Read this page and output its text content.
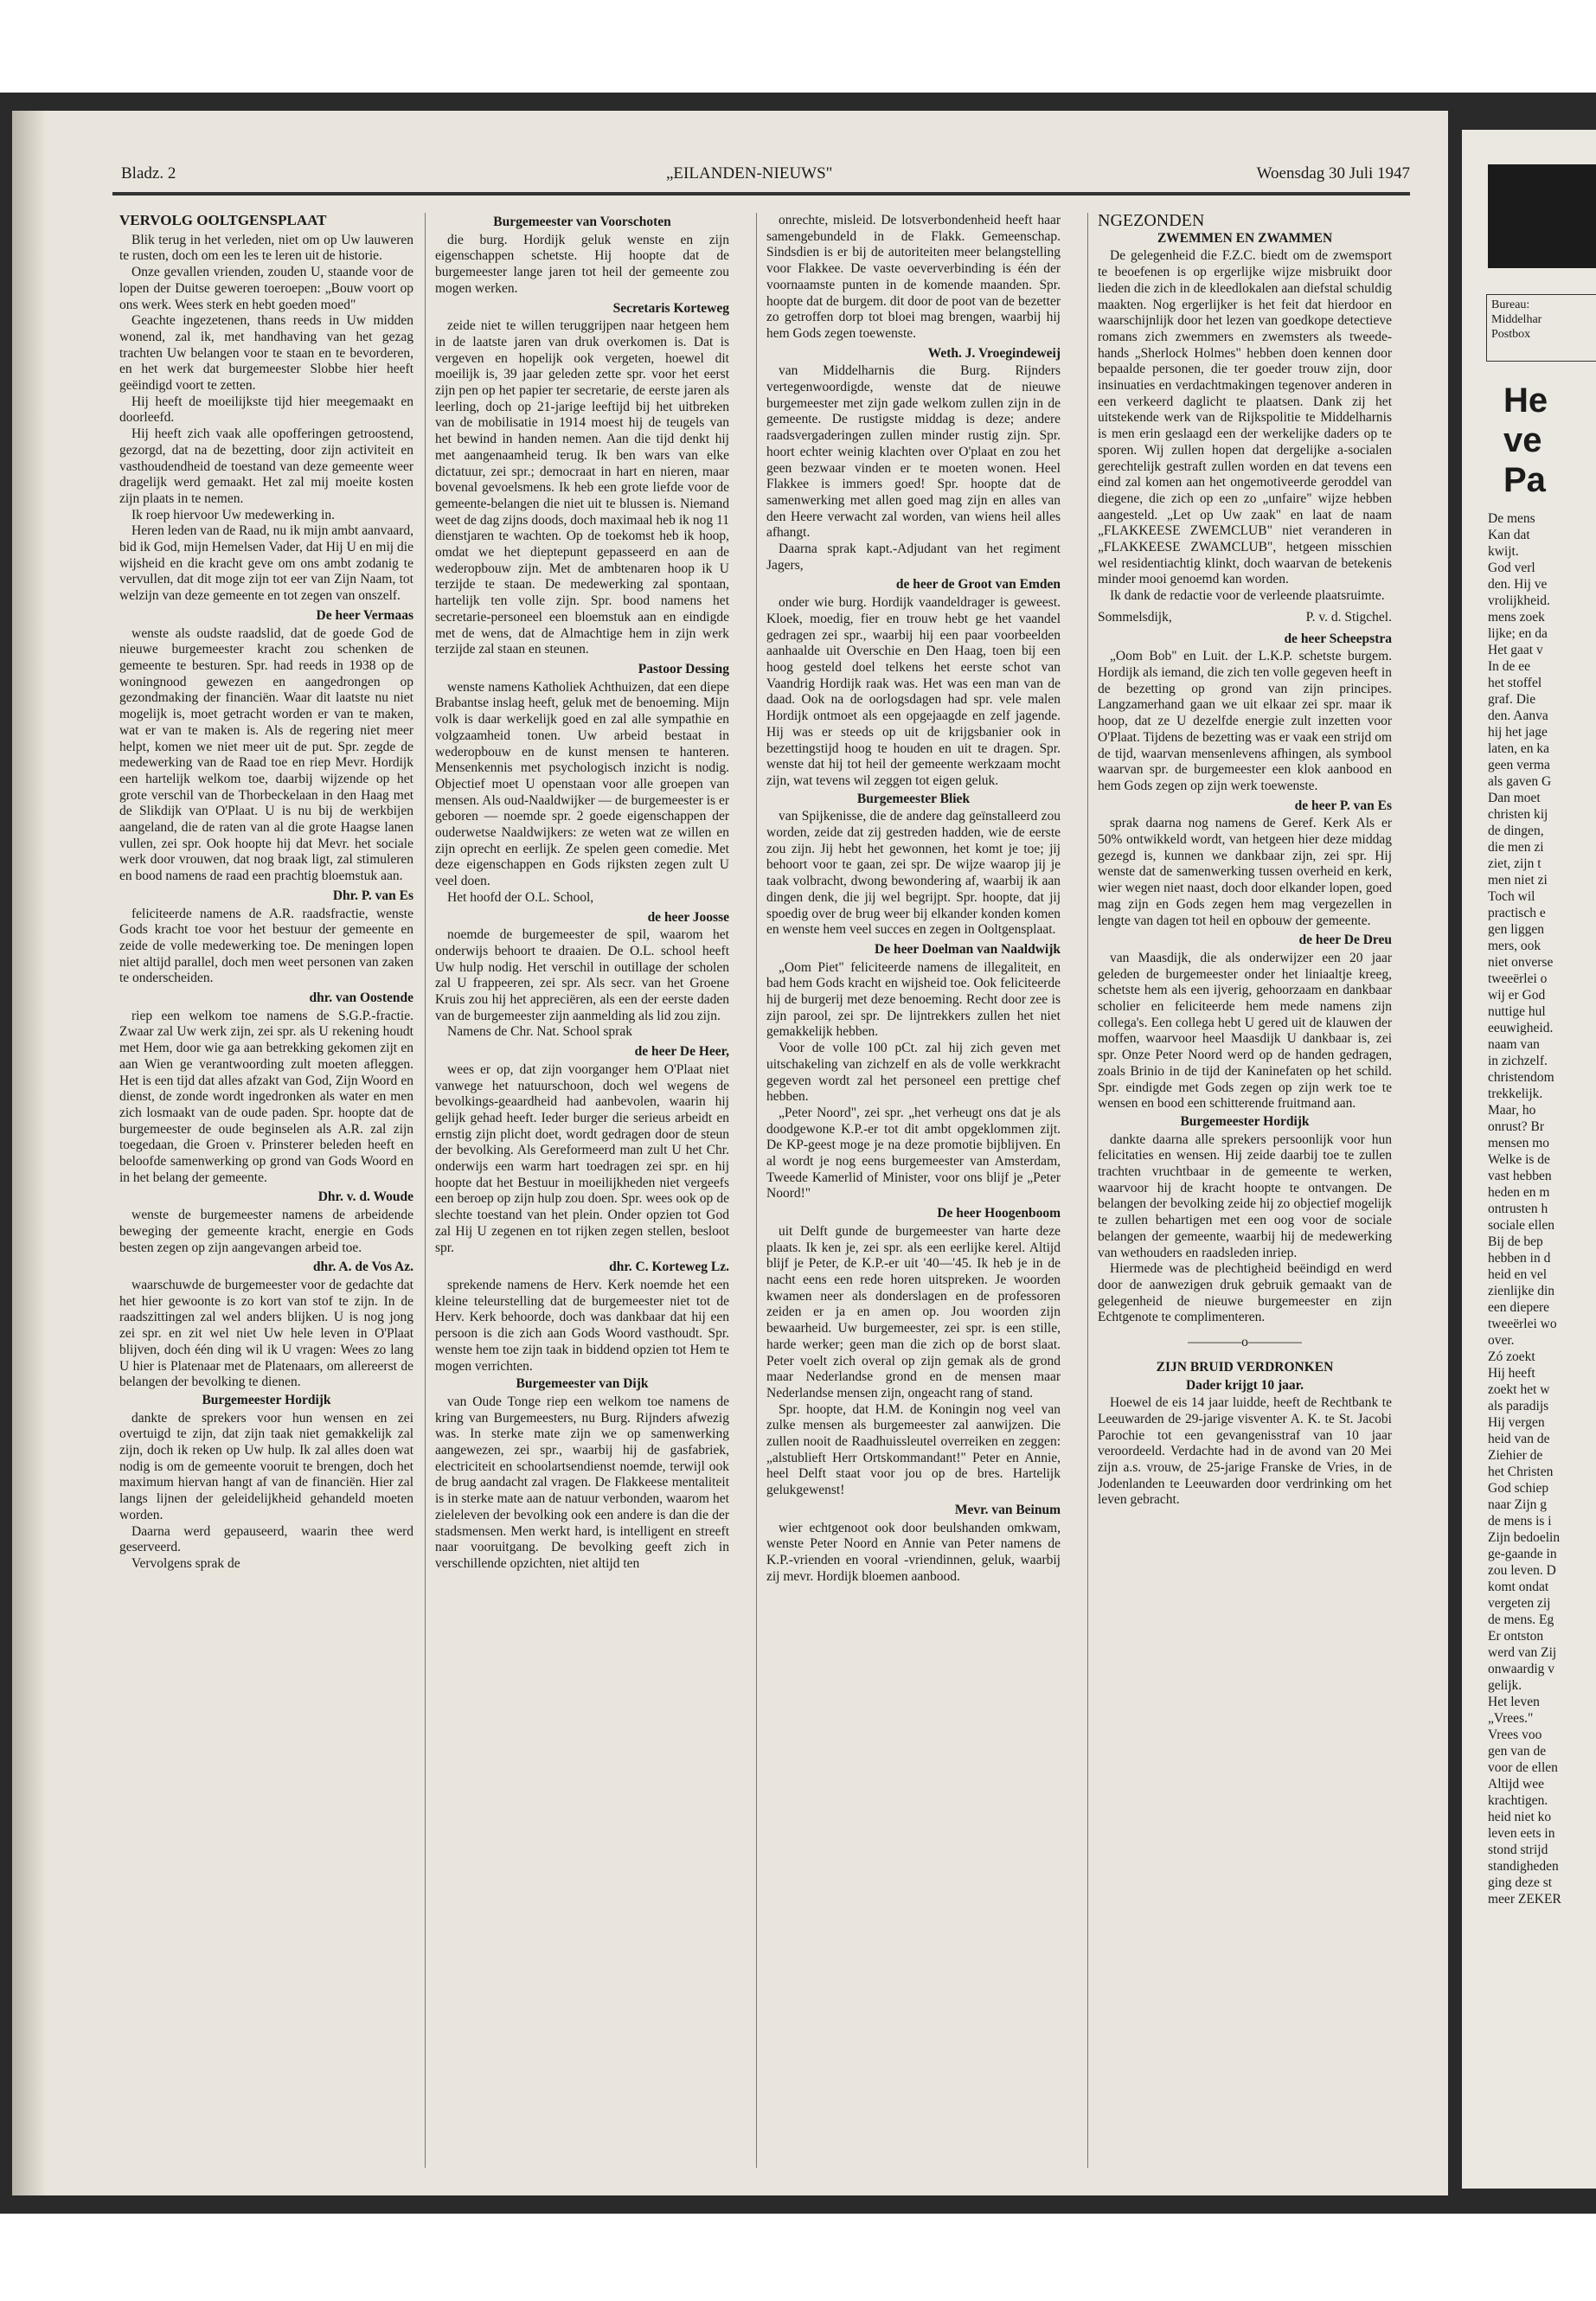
Bladz. 2	„EILANDEN-NIEUWS"	Woensdag 30 Juli 1947

VERVOLG OOLTGENSPLAAT

Blik terug in het verleden, niet om op Uw lauweren te rusten, doch om een les te leren uit de historie.

Onze gevallen vrienden, zouden U, staande voor de lopen der Duitse geweren toeroepen: „Bouw voort op ons werk. Wees sterk en hebt goeden moed"

Geachte ingezetenen, thans reeds in Uw midden wonend, zal ik, met handhaving van het gezag trachten Uw belangen voor te staan en te bevorderen, en het werk dat burgemeester Slobbe hier heeft geëindigd voort te zetten.

Hij heeft de moeilijkste tijd hier meegemaakt en doorleefd.

Hij heeft zich vaak alle opofferingen getroostend, gezorgd, dat na de bezetting, door zijn activiteit en vasthoudendheid de toestand van deze gemeente weer dragelijk werd gemaakt. Het zal mij moeite kosten zijn plaats in te nemen.

Ik roep hiervoor Uw medewerking in.

Heren leden van de Raad, nu ik mijn ambt aanvaard, bid ik God, mijn Hemelsen Vader, dat Hij U en mij die wijsheid en die kracht geve om ons ambt zodanig te vervullen, dat dit moge zijn tot eer van Zijn Naam, tot welzijn van deze gemeente en tot zegen van onszelf.

De heer Vermaas

wenste als oudste raadslid, dat de goede God de nieuwe burgemeester kracht zou schenken de gemeente te besturen. Spr. had reeds in 1938 op de woningnood gewezen en aangedrongen op gezondmaking der financiën. Waar dit laatste nu niet mogelijk is, moet getracht worden er van te maken, wat er van te maken is. Als de regering niet meer helpt, komen we niet meer uit de put. Spr. zegde de medewerking van de Raad toe en riep Mevr. Hordijk een hartelijk welkom toe, daarbij wijzende op het grote verschil van de Thorbeckelaan in den Haag met de Slikdijk van O'Plaat. U is nu bij de werkbijen aangeland, die de raten van al die grote Haagse lanen vullen, zei spr. Ook hoopte hij dat Mevr. het sociale werk door vrouwen, dat nog braak ligt, zal stimuleren en bood namens de raad een prachtig bloemstuk aan.

Dhr. P. van Es

feliciteerde namens de A.R. raadsfractie, wenste Gods kracht toe voor het bestuur der gemeente en zeide de volle medewerking toe. De meningen lopen niet altijd parallel, doch men weet personen van zaken te onderscheiden.

dhr. van Oostende

riep een welkom toe namens de S.G.P.-fractie. Zwaar zal Uw werk zijn, zei spr. als U rekening houdt met Hem, door wie ga aan betrekking gekomen zijt en aan Wien ge verantwoording zult moeten afleggen. Het is een tijd dat alles afzakt van God, Zijn Woord en dienst, de zonde wordt ingedronken als water en men zich losmaakt van de oude paden. Spr. hoopte dat de burgemeester de oude beginselen als A.R. zal zijn toegedaan, die Groen v. Prinsterer beleden heeft en beloofde samenwerking op grond van Gods Woord en in het belang der gemeente.

Dhr. v. d. Woude

wenste de burgemeester namens de arbeidende beweging der gemeente kracht, energie en Gods besten zegen op zijn aangevangen arbeid toe.

dhr. A. de Vos Az.

waarschuwde de burgemeester voor de gedachte dat het hier gewoonte is zo kort van stof te zijn. In de raadszittingen zal wel anders blijken. U is nog jong zei spr. en zit wel niet Uw hele leven in O'Plaat blijven, doch één ding wil ik U vragen: Wees zo lang U hier is Platenaar met de Platenaars, om allereerst de belangen der bevolking te dienen.

Burgemeester Hordijk

dankte de sprekers voor hun wensen en zei overtuigd te zijn, dat zijn taak niet gemakkelijk zal zijn, doch ik reken op Uw hulp. Ik zal alles doen wat nodig is om de gemeente vooruit te brengen, doch het maximum hiervan hangt af van de financiën. Hier zal langs lijnen der geleidelijkheid gehandeld moeten worden.

Daarna werd gepauseerd, waarin thee werd geserveerd.

Vervolgens sprak de

Burgemeester van Voorschoten

die burg. Hordijk geluk wenste en zijn eigenschappen schetste. Hij hoopte dat de burgemeester lange jaren tot heil der gemeente zou mogen werken.

Secretaris Korteweg

zeide niet te willen teruggrijpen naar hetgeen hem in de laatste jaren van druk overkomen is. Dat is vergeven en hopelijk ook vergeten, hoewel dit moeilijk is, 39 jaar geleden zette spr. voor het eerst zijn pen op het papier ter secretarie, de eerste jaren als leerling, doch op 21-jarige leeftijd bij het uitbreken van de mobilisatie in 1914 moest hij de teugels van het bewind in handen nemen. Aan die tijd denkt hij met aangenaamheid terug. Ik ben wars van elke dictatuur, zei spr.; democraat in hart en nieren, maar bovenal gevoelsmens. Ik heb een grote liefde voor de gemeente-belangen die niet uit te blussen is. Niemand weet de dag zijns doods, doch maximaal heb ik nog 11 dienstjaren te wachten. Op de toekomst heb ik hoop, omdat we het dieptepunt gepasseerd en aan de wederopbouw zijn. Met de ambtenaren hoop ik U terzijde te staan. De medewerking zal spontaan, hartelijk ten volle zijn. Spr. bood namens het secretarie-personeel een bloemstuk aan en eindigde met de wens, dat de Almachtige hem in zijn werk terzijde zal staan en steunen.

Pastoor Dessing

wenste namens Katholiek Achthuizen, dat een diepe Brabantse inslag heeft, geluk met de benoeming. Mijn volk is daar werkelijk goed en zal alle sympathie en volgzaamheid tonen. Uw arbeid bestaat in wederopbouw en de kunst mensen te hanteren. Mensenkennis met psychologisch inzicht is nodig. Objectief moet U openstaan voor alle groepen van mensen. Als oud-Naaldwijker — de burgemeester is er geboren — noemde spr. 2 goede eigenschappen der ouderwetse Naaldwijkers: ze weten wat ze willen en zijn oprecht en eerlijk. Ze spelen geen comedie. Met deze eigenschappen en Gods rijksten zegen zult U veel doen.

Het hoofd der O.L. School,

de heer Joosse

noemde de burgemeester de spil, waarom het onderwijs behoort te draaien. De O.L. school heeft Uw hulp nodig. Het verschil in outillage der scholen zal U frappeeren, zei spr. Als secr. van het Groene Kruis zou hij het appreciëren, als een der eerste daden van de burgemeester zijn aanmelding als lid zou zijn.

Namens de Chr. Nat. School sprak

de heer De Heer,

wees er op, dat zijn voorganger hem O'Plaat niet vanwege het natuurschoon, doch wel wegens de bevolkings-geaardheid had aanbevolen, waarin hij gelijk gehad heeft. Ieder burger die serieus arbeidt en ernstig zijn plicht doet, wordt gedragen door de steun der bevolking. Als Gereformeerd man zult U het Chr. onderwijs een warm hart toedragen zei spr. en hij hoopte dat het Bestuur in moeilijkheden niet vergeefs een beroep op zijn hulp zou doen. Spr. wees ook op de slechte toestand van het plein. Onder opzien tot God zal Hij U zegenen en tot rijken zegen stellen, besloot spr.

dhr. C. Korteweg Lz.

sprekende namens de Herv. Kerk noemde het een kleine teleurstelling dat de burgemeester niet tot de Herv. Kerk behoorde, doch was dankbaar dat hij een persoon is die zich aan Gods Woord vasthoudt. Spr. wenste hem toe zijn taak in biddend opzien tot Hem te mogen verrichten.

Burgemeester van Dijk

van Oude Tonge riep een welkom toe namens de kring van Burgemeesters, nu Burg. Rijnders afwezig was. In sterke mate zijn we op samenwerking aangewezen, zei spr., waarbij hij de gasfabriek, electriciteit en schoolartsendienst noemde, terwijl ook de brug aandacht zal vragen. De Flakkeese mentaliteit is in sterke mate aan de natuur verbonden, waarom het zieleleven der bevolking ook een andere is dan die der stadsmensen. Men werkt hard, is intelligent en streeft naar vooruitgang. De bevolking geeft zich in verschillende opzichten, niet altijd ten

onrechte, misleid. De lotsverbondenheid heeft haar samengebundeld in de Flakk. Gemeenschap. Sindsdien is er bij de autoriteiten meer belangstelling voor Flakkee. De vaste oeververbinding is één der voornaamste punten in de komende maanden. Spr. hoopte dat de burgem. dit door de poot van de bezetter zo getroffen dorp tot bloei mag brengen, waarbij hij hem Gods zegen toewenste.

Weth. J. Vroegindeweij

van Middelharnis die Burg. Rijnders vertegenwoordigde, wenste dat de nieuwe burgemeester met zijn gade welkom zullen zijn in de gemeente. De rustigste middag is deze; andere raadsvergaderingen zullen minder rustig zijn. Spr. hoort echter weinig klachten over O'plaat en zou het geen bezwaar vinden er te moeten wonen. Heel Flakkee is immers goed! Spr. hoopte dat de samenwerking met allen goed mag zijn en alles van den Heere verwacht zal worden, van wiens heil alles afhangt.

Daarna sprak kapt.-Adjudant van het regiment Jagers,

de heer de Groot van Emden

onder wie burg. Hordijk vaandeldrager is geweest. Kloek, moedig, fier en trouw hebt ge het vaandel gedragen zei spr., waarbij hij een paar voorbeelden aanhaalde uit Overschie en Den Haag, toen bij een hoog gesteld doel telkens het eerste schot van Vaandrig Hordijk raak was. Het was een man van de daad. Ook na de oorlogsdagen had spr. vele malen Hordijk ontmoet als een opgejaagde en zelf jagende. Hij was er steeds op uit de krijgsbanier ook in bezettingstijd hoog te houden en uit te dragen. Spr. wenste dat hij tot heil der gemeente werkzaam mocht zijn, wat tevens wil zeggen tot eigen geluk.

Burgemeester Bliek

van Spijkenisse, die de andere dag geïnstalleerd zou worden, zeide dat zij gestreden hadden, wie de eerste zou zijn. Jij hebt het gewonnen, het komt je toe; jij behoort voor te gaan, zei spr. De wijze waarop jij je taak volbracht, dwong bewondering af, waarbij ik aan dingen denk, die jij wel begrijpt. Spr. hoopte, dat jij spoedig over de brug weer bij elkander konden komen en wenste hem veel succes en zegen in Ooltgensplaat.

De heer Doelman van Naaldwijk

„Oom Piet" feliciteerde namens de illegaliteit, en bad hem Gods kracht en wijsheid toe. Ook feliciteerde hij de burgerij met deze benoeming. Recht door zee is zijn parool, zei spr. De lijntrekkers zullen het niet gemakkelijk hebben.

Voor de volle 100 pCt. zal hij zich geven met uitschakeling van zichzelf en als de volle werkkracht gegeven wordt zal het personeel een prettige chef hebben.

„Peter Noord", zei spr. „het verheugt ons dat je als doodgewone K.P.-er tot dit ambt opgeklommen zijt. De KP-geest moge je na deze promotie bijblijven. En al wordt je nog eens burgemeester van Amsterdam, Tweede Kamerlid of Minister, voor ons blijf je „Peter Noord!"

De heer Hoogenboom

uit Delft gunde de burgemeester van harte deze plaats. Ik ken je, zei spr. als een eerlijke kerel. Altijd blijf je Peter, de K.P.-er uit '40—'45. Ik heb je in de nacht eens een rede horen uitspreken. Je woorden kwamen neer als donderslagen en de professoren zeiden er ja en amen op. Jou woorden zijn bewaarheid. Uw burgemeester, zei spr. is een stille, harde werker; geen man die zich op de borst slaat. Peter voelt zich overal op zijn gemak als de grond maar Nederlandse grond en de mensen maar Nederlandse mensen zijn, ongeacht rang of stand.

Spr. hoopte, dat H.M. de Koningin nog veel van zulke mensen als burgemeester zal aanwijzen. Die zullen nooit de Raadhuissleutel overreiken en zeggen: „alstublieft Herr Ortskommandant!" Peter en Annie, heel Delft staat voor jou op de bres. Hartelijk gelukgewenst!

Mevr. van Beinum

wier echtgenoot ook door beulshanden omkwam, wenste Peter Noord en Annie van Peter namens de K.P.-vrienden en vooral -vriendinnen, geluk, waarbij zij mevr. Hordijk bloemen aanbood.

NGEZONDEN

ZWEMMEN EN ZWAMMEN

De gelegenheid die F.Z.C. biedt om de zwemsport te beoefenen is op ergerlijke wijze misbruikt door lieden die zich in de kleedlokalen aan diefstal schuldig maakten. Nog ergerlijker is het feit dat hierdoor en waarschijnlijk door het lezen van goedkope detectieve romans zich zwemmers en zwemsters als tweede-hands „Sherlock Holmes" hebben doen kennen door bepaalde personen, die ter goeder trouw zijn, door insinuaties en verdachtmakingen tegenover anderen in een verkeerd daglicht te plaatsen. Dank zij het uitstekende werk van de Rijkspolitie te Middelharnis is men erin geslaagd een der werkelijke daders op te sporen. Wij zullen hopen dat dergelijke a-socialen gerechtelijk gestraft zullen worden en dat tevens een eind zal komen aan het ongemotiveerde geroddel van diegene, die zich op een zo „unfaire" wijze hebben aangesteld. „Let op Uw zaak" en laat de naam „FLAKKEESE ZWEMCLUB" niet veranderen in „FLAKKEESE ZWAMCLUB", hetgeen misschien wel residentiachtig klinkt, doch waarvan de betekenis minder mooi genoemd kan worden.

Ik dank de redactie voor de verleende plaatsruimte.

Sommelsdijk,	P. v. d. Stigchel.

de heer Scheepstra

„Oom Bob" en Luit. der L.K.P. schetste burgem. Hordijk als iemand, die zich ten volle gegeven heeft in de bezetting op grond van zijn principes. Langzamerhand gaan we uit elkaar zei spr. maar ik hoop, dat ze U dezelfde energie zult inzetten voor O'Plaat. Tijdens de bezetting was er vaak een strijd om de tijd, waarvan mensenlevens afhingen, als symbool waarvan spr. de burgemeester een klok aanbood en hem Gods zegen op zijn werk toewenste.

de heer P. van Es

sprak daarna nog namens de Geref. Kerk Als er 50% ontwikkeld wordt, van hetgeen hier deze middag gezegd is, kunnen we dankbaar zijn, zei spr. Hij wenste dat de samenwerking tussen overheid en kerk, wier wegen niet naast, doch door elkander lopen, goed mag zijn en Gods zegen hem mag vergezellen in lengte van dagen tot heil en opbouw der gemeente.

de heer De Dreu

van Maasdijk, die als onderwijzer een 20 jaar geleden de burgemeester onder het liniaaltje kreeg, schetste hem als een ijverig, gehoorzaam en dankbaar scholier en feliciteerde hem mede namens zijn collega's. Een collega hebt U gered uit de klauwen der moffen, waarvoor heel Maasdijk U dankbaar is, zei spr. Onze Peter Noord werd op de handen gedragen, zoals Brinio in de tijd der Kaninefaten op het schild. Spr. eindigde met Gods zegen op zijn werk toe te wensen en bood een schitterende fruitmand aan.

Burgemeester Hordijk

dankte daarna alle sprekers persoonlijk voor hun felicitaties en wensen. Hij zeide daarbij toe te zullen trachten vruchtbaar in de gemeente te werken, waarvoor hij de kracht hoopte te ontvangen. De belangen der bevolking zeide hij zo objectief mogelijk te zullen behartigen met een oog voor de sociale belangen der gemeente, waarbij hij de medewerking van wethouders en raadsleden inriep.

Hiermede was de plechtigheid beëindigd en werd door de aanwezigen druk gebruik gemaakt van de gelegenheid de nieuwe burgemeester en zijn Echtgenote te complimenteren.

————o————

ZIJN BRUID VERDRONKEN

Dader krijgt 10 jaar.

Hoewel de eis 14 jaar luidde, heeft de Rechtbank te Leeuwarden de 29-jarige visventer A. K. te St. Jacobi Parochie tot een gevangenisstraf van 10 jaar veroordeeld. Verdachte had in de avond van 20 Mei zijn a.s. vrouw, de 25-jarige Franske de Vries, in de Jodenlanden te Leeuwarden door verdrinking om het leven gebracht.

Bureau:
Middelhar
Postbox
He
ve
Pa
De mens
Kan dat
kwijt.
God verl
den. Hij ve
vrolijkheid.
mens zoek
lijke; en da
Het gaat v
In de ee
het stoffel
graf. Die
den. Aanva
hij het jage
laten, en ka
geen verma
als gaven G
Dan moet
christen kij
de dingen,
die men zi
ziet, zijn t
men niet zi
Toch wil
practisch e
gen liggen
mers, ook
niet onverse
tweeërlei o
wij er God
nuttige hul
eeuwigheid.
naam van
in zichzelf.
christendom
trekkelijk.
Maar, ho
onrust? Br
mensen mo
Welke is de
vast hebben
heden en m
ontrusten h
sociale ellen
Bij de bep
hebben in d
heid en vel
zienlijke din
een diepere
tweeërlei wo
over.
Zó zoekt
Hij heeft
zoekt het w
als paradijs
Hij vergen
heid van de
Ziehier de
het Christen
God schiep
naar Zijn g
de mens is i
Zijn bedoelin
ge-gaande in
zou leven. D
komt ondat
vergeten zij
de mens. Eg
Er ontston
werd van Zij
onwaardig v
gelijk.
Het leven
„Vrees."
Vrees voo
gen van de
voor de ellen
Altijd wee
krachtigen.
heid niet ko
leven eets in
stond strijd
standigheden
ging deze st
meer ZEKER
